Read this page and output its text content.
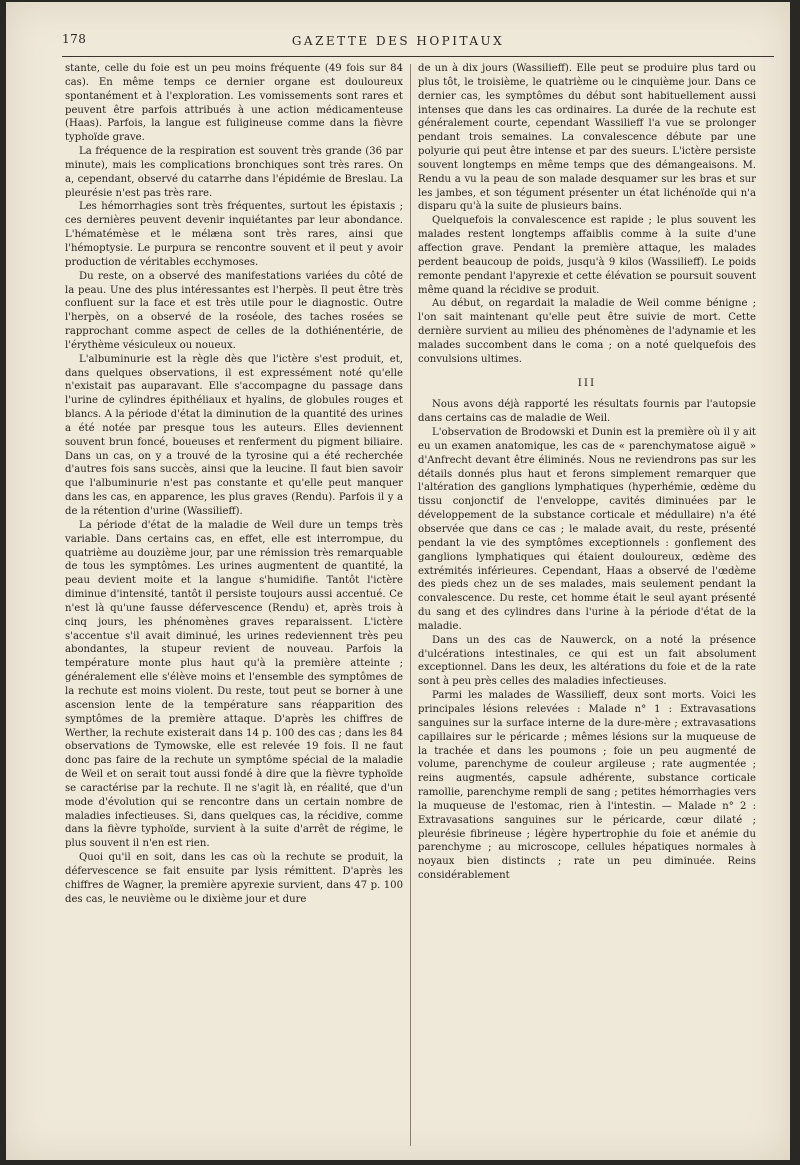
178	GAZETTE DES HOPITAUX

stante, celle du foie est un peu moins fréquente (49 fois sur 84 cas). En même temps ce dernier organe est douloureux spontanément et à l'exploration. Les vomissements sont rares et peuvent être parfois attribués à une action médicamenteuse (Haas). Parfois, la langue est fuligineuse comme dans la fièvre typhoïde grave.

La fréquence de la respiration est souvent très grande (36 par minute), mais les complications bronchiques sont très rares. On a, cependant, observé du catarrhe dans l'épidémie de Breslau. La pleurésie n'est pas très rare.

Les hémorrhagies sont très fréquentes, surtout les épistaxis ; ces dernières peuvent devenir inquiétantes par leur abondance. L'hématémèse et le mélæna sont très rares, ainsi que l'hémoptysie. Le purpura se rencontre souvent et il peut y avoir production de véritables ecchymoses.

Du reste, on a observé des manifestations variées du côté de la peau. Une des plus intéressantes est l'herpès. Il peut être très confluent sur la face et est très utile pour le diagnostic. Outre l'herpès, on a observé de la roséole, des taches rosées se rapprochant comme aspect de celles de la dothiénentérie, de l'érythème vésiculeux ou noueux.

L'albuminurie est la règle dès que l'ictère s'est produit, et, dans quelques observations, il est expressément noté qu'elle n'existait pas auparavant. Elle s'accompagne du passage dans l'urine de cylindres épithéliaux et hyalins, de globules rouges et blancs. A la période d'état la diminution de la quantité des urines a été notée par presque tous les auteurs. Elles deviennent souvent brun foncé, boueuses et renferment du pigment biliaire. Dans un cas, on y a trouvé de la tyrosine qui a été recherchée d'autres fois sans succès, ainsi que la leucine. Il faut bien savoir que l'albuminurie n'est pas constante et qu'elle peut manquer dans les cas, en apparence, les plus graves (Rendu). Parfois il y a de la rétention d'urine (Wassilieff).

La période d'état de la maladie de Weil dure un temps très variable. Dans certains cas, en effet, elle est interrompue, du quatrième au douzième jour, par une rémission très remarquable de tous les symptômes. Les urines augmentent de quantité, la peau devient moite et la langue s'humidifie. Tantôt l'ictère diminue d'intensité, tantôt il persiste toujours aussi accentué. Ce n'est là qu'une fausse défervescence (Rendu) et, après trois à cinq jours, les phénomènes graves reparaissent. L'ictère s'accentue s'il avait diminué, les urines redeviennent très peu abondantes, la stupeur revient de nouveau. Parfois la température monte plus haut qu'à la première atteinte ; généralement elle s'élève moins et l'ensemble des symptômes de la rechute est moins violent. Du reste, tout peut se borner à une ascension lente de la température sans réapparition des symptômes de la première attaque. D'après les chiffres de Werther, la rechute existerait dans 14 p. 100 des cas ; dans les 84 observations de Tymowske, elle est relevée 19 fois. Il ne faut donc pas faire de la rechute un symptôme spécial de la maladie de Weil et on serait tout aussi fondé à dire que la fièvre typhoïde se caractérise par la rechute. Il ne s'agit là, en réalité, que d'un mode d'évolution qui se rencontre dans un certain nombre de maladies infectieuses. Si, dans quelques cas, la récidive, comme dans la fièvre typhoïde, survient à la suite d'arrêt de régime, le plus souvent il n'en est rien.

Quoi qu'il en soit, dans les cas où la rechute se produit, la défervescence se fait ensuite par lysis rémittent. D'après les chiffres de Wagner, la première apyrexie survient, dans 47 p. 100 des cas, le neuvième ou le dixième jour et dure

de un à dix jours (Wassilieff). Elle peut se produire plus tard ou plus tôt, le troisième, le quatrième ou le cinquième jour. Dans ce dernier cas, les symptômes du début sont habituellement aussi intenses que dans les cas ordinaires. La durée de la rechute est généralement courte, cependant Wassilieff l'a vue se prolonger pendant trois semaines. La convalescence débute par une polyurie qui peut être intense et par des sueurs. L'ictère persiste souvent longtemps en même temps que des démangeaisons. M. Rendu a vu la peau de son malade desquamer sur les bras et sur les jambes, et son tégument présenter un état lichénoïde qui n'a disparu qu'à la suite de plusieurs bains.

Quelquefois la convalescence est rapide ; le plus souvent les malades restent longtemps affaiblis comme à la suite d'une affection grave. Pendant la première attaque, les malades perdent beaucoup de poids, jusqu'à 9 kilos (Wassilieff). Le poids remonte pendant l'apyrexie et cette élévation se poursuit souvent même quand la récidive se produit.

Au début, on regardait la maladie de Weil comme bénigne ; l'on sait maintenant qu'elle peut être suivie de mort. Cette dernière survient au milieu des phénomènes de l'adynamie et les malades succombent dans le coma ; on a noté quelquefois des convulsions ultimes.

III

Nous avons déjà rapporté les résultats fournis par l'autopsie dans certains cas de maladie de Weil.

L'observation de Brodowski et Dunin est la première où il y ait eu un examen anatomique, les cas de « parenchymatose aiguë » d'Anfrecht devant être éliminés. Nous ne reviendrons pas sur les détails donnés plus haut et ferons simplement remarquer que l'altération des ganglions lymphatiques (hyperhémie, œdème du tissu conjonctif de l'enveloppe, cavités diminuées par le développement de la substance corticale et médullaire) n'a été observée que dans ce cas ; le malade avait, du reste, présenté pendant la vie des symptômes exceptionnels : gonflement des ganglions lymphatiques qui étaient douloureux, œdème des extrémités inférieures. Cependant, Haas a observé de l'œdème des pieds chez un de ses malades, mais seulement pendant la convalescence. Du reste, cet homme était le seul ayant présenté du sang et des cylindres dans l'urine à la période d'état de la maladie.

Dans un des cas de Nauwerck, on a noté la présence d'ulcérations intestinales, ce qui est un fait absolument exceptionnel. Dans les deux, les altérations du foie et de la rate sont à peu près celles des maladies infectieuses.

Parmi les malades de Wassilieff, deux sont morts. Voici les principales lésions relevées : Malade n° 1 : Extravasations sanguines sur la surface interne de la dure-mère ; extravasations capillaires sur le péricarde ; mêmes lésions sur la muqueuse de la trachée et dans les poumons ; foie un peu augmenté de volume, parenchyme de couleur argileuse ; rate augmentée ; reins augmentés, capsule adhérente, substance corticale ramollie, parenchyme rempli de sang ; petites hémorrhagies vers la muqueuse de l'estomac, rien à l'intestin. — Malade n° 2 : Extravasations sanguines sur le péricarde, cœur dilaté ; pleurésie fibrineuse ; légère hypertrophie du foie et anémie du parenchyme ; au microscope, cellules hépatiques normales à noyaux bien distincts ; rate un peu diminuée. Reins considérablement
